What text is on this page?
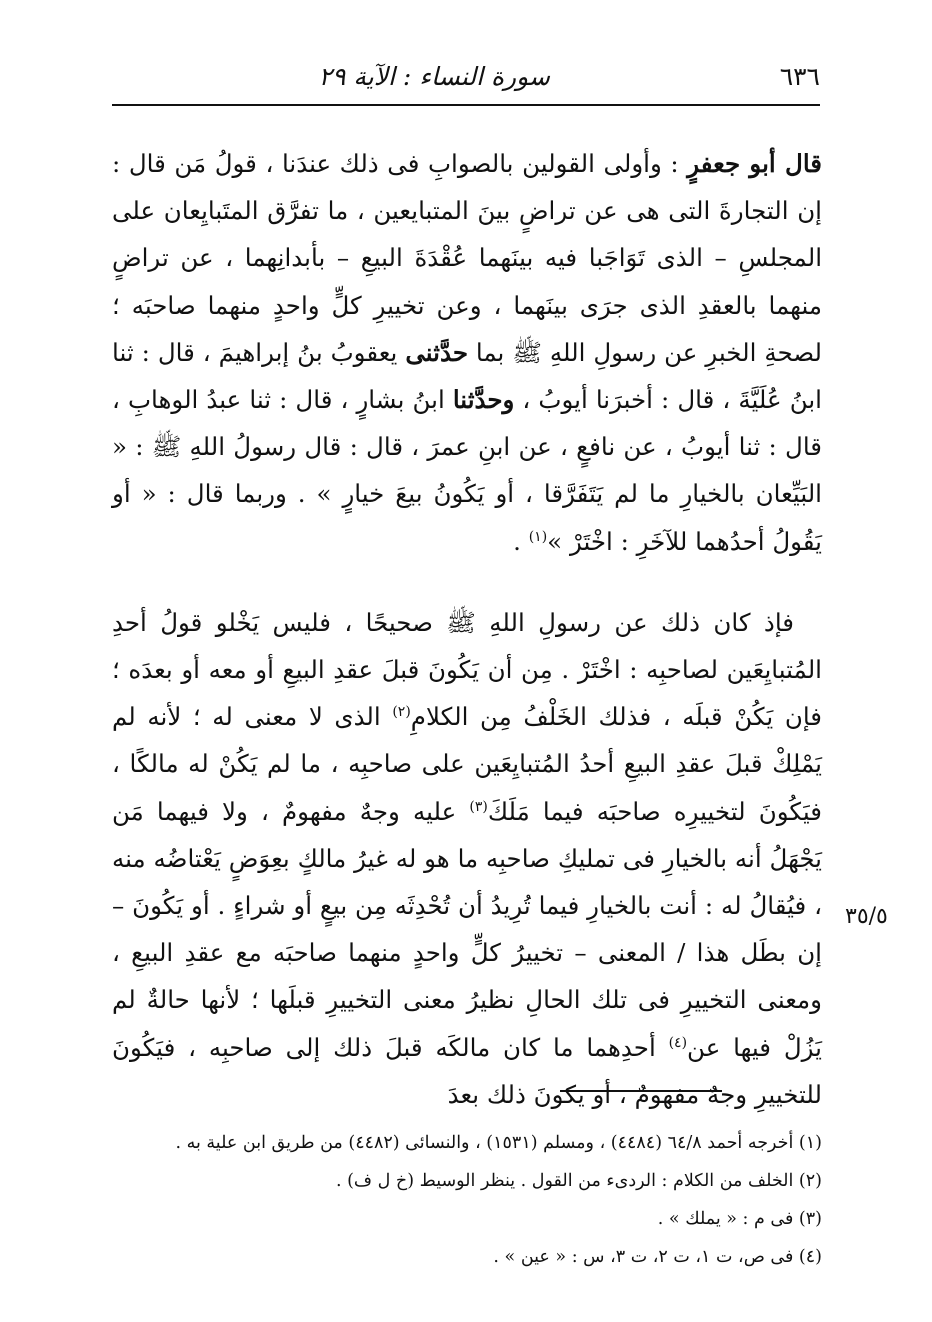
٦٣٦
سورة النساء : الآية ٢٩

قال أبو جعفرٍ : وأولى القولين بالصوابِ فى ذلك عندَنا ، قولُ مَن قال : إن التجارةَ التى هى عن تراضٍ بينَ المتبايعين ، ما تفرَّق المتَبايِعان على المجلسِ – الذى تَوَاجَبا فيه بينَهما عُقْدَةَ البيعِ – بأبدانِهما ، عن تراضٍ منهما بالعقدِ الذى جرَى بينَهما ، وعن تخييرِ كلٍّ واحدٍ منهما صاحبَه ؛ لصحةِ الخبرِ عن رسولِ اللهِ ﷺ بما حدَّثنى يعقوبُ بنُ إبراهيمَ ، قال : ثنا ابنُ عُلَيَّةَ ، قال : أخبرَنا أيوبُ ، وحدَّثنا ابنُ بشارٍ ، قال : ثنا عبدُ الوهابِ ، قال : ثنا أيوبُ ، عن نافعٍ ، عن ابنِ عمرَ ، قال : قال رسولُ اللهِ ﷺ : « البَيِّعان بالخيارِ ما لم يَتَفَرَّقا ، أو يَكُونُ بيعَ خيارٍ » . وربما قال : « أو يَقُولُ أحدُهما للآخَرِ : اخْتَرْ »$^{(١)}$ .

فإذ كان ذلك عن رسولِ اللهِ ﷺ صحيحًا ، فليس يَخْلو قولُ أحدِ المُتبايِعَين لصاحبِه : اخْتَرْ . مِن أن يَكُونَ قبلَ عقدِ البيعِ أو معه أو بعدَه ؛ فإن يَكُنْ قبلَه ، فذلك الخَلْفُ مِن الكلامِ$^{(٢)}$ الذى لا معنى له ؛ لأنه لم يَمْلِكْ قبلَ عقدِ البيعِ أحدُ المُتبايِعَين على صاحبِه ، ما لم يَكُنْ له مالكًا ، فيَكُونَ لتخييرِه صاحبَه فيما مَلَكَ$^{(٣)}$ عليه وجهٌ مفهومٌ ، ولا فيهما مَن يَجْهَلُ أنه بالخيارِ فى تمليكِ صاحبِه ما هو له غيرُ مالكٍ بعِوَضٍ يَعْتاضُه منه ، فيُقالُ له : أنت بالخيارِ فيما تُرِيدُ أن تُحْدِثَه مِن بيعٍ أو شراءٍ . أو يَكُونَ – إن بطَل هذا / المعنى – تخييرُ كلٍّ واحدٍ منهما صاحبَه مع عقدِ البيعِ ، ومعنى التخييرِ فى تلك الحالِ نظيرُ معنى التخييرِ قبلَها ؛ لأنها حالةٌ لم يَزُلْ فيها عن$^{(٤)}$ أحدِهما ما كان مالكَه قبلَ ذلك إلى صاحبِه ، فيَكُونَ للتخييرِ وجهٌ مفهومٌ ، أو يكونَ ذلك بعدَ

٣٥/٥
(١) أخرجه أحمد ٦٤/٨ (٤٤٨٤) ، ومسلم (١٥٣١) ، والنسائى (٤٤٨٢) من طريق ابن علية به .
(٢) الخلف من الكلام : الردىء من القول . ينظر الوسيط (خ ل ف) .
(٣) فى م : « يملك » .
(٤) فى ص، ت ١، ت ٢، ت ٣، س : « عين » .
